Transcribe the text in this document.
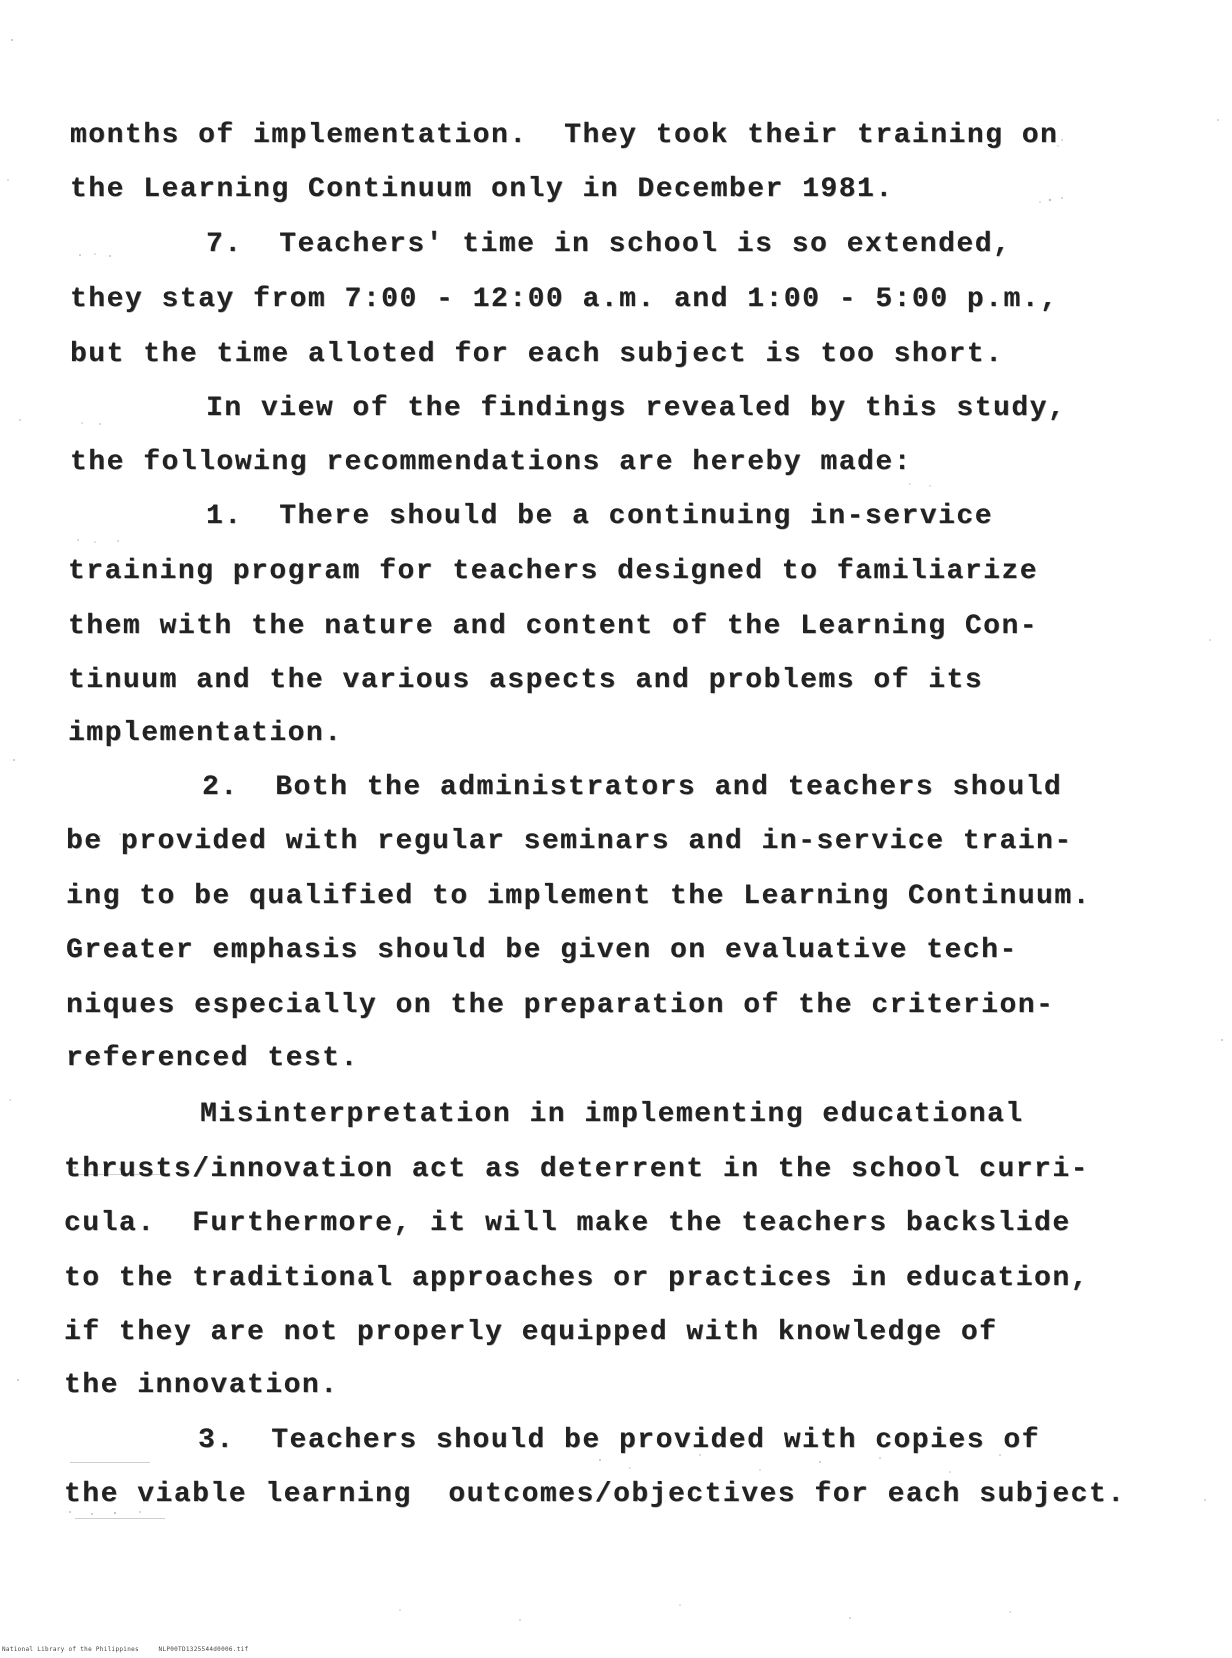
months of implementation.  They took their training on
the Learning Continuum only in December 1981.
7.  Teachers' time in school is so extended,
they stay from 7:00 - 12:00 a.m. and 1:00 - 5:00 p.m.,
but the time alloted for each subject is too short.
In view of the findings revealed by this study,
the following recommendations are hereby made:
1.  There should be a continuing in-service
training program for teachers designed to familiarize
them with the nature and content of the Learning Con-
tinuum and the various aspects and problems of its
implementation.
2.  Both the administrators and teachers should
be provided with regular seminars and in-service train-
ing to be qualified to implement the Learning Continuum.
Greater emphasis should be given on evaluative tech-
niques especially on the preparation of the criterion-
referenced test.
Misinterpretation in implementing educational
thrusts/innovation act as deterrent in the school curri-
cula.  Furthermore, it will make the teachers backslide
to the traditional approaches or practices in education,
if they are not properly equipped with knowledge of
the innovation.
3.  Teachers should be provided with copies of
the viable learning  outcomes/objectives for each subject.
National Library of the Philippines     NLP00TD1325544d0006.tif
